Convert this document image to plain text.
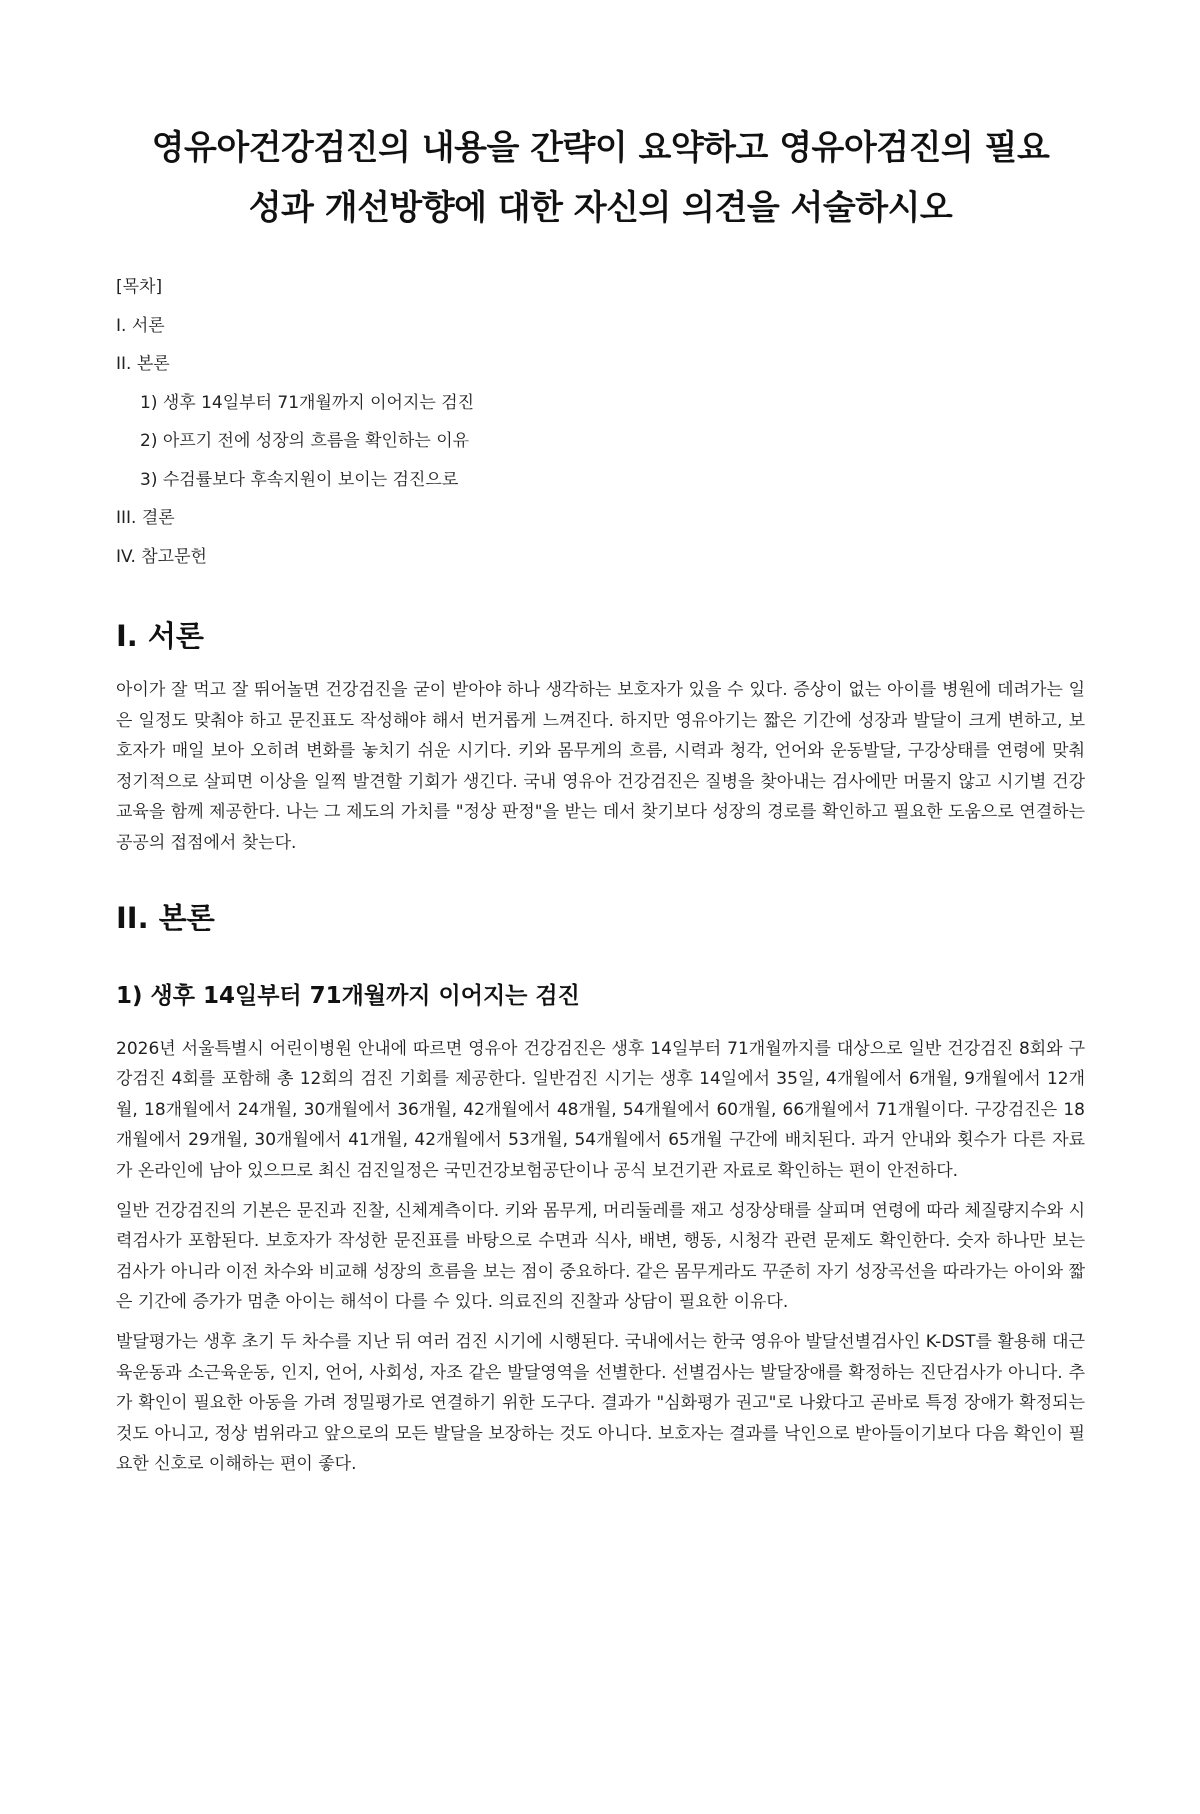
영유아건강검진의 내용을 간략이 요약하고 영유아검진의 필요
성과 개선방향에 대한 자신의 의견을 서술하시오
[목차]
I. 서론
II. 본론
1) 생후 14일부터 71개월까지 이어지는 검진
2) 아프기 전에 성장의 흐름을 확인하는 이유
3) 수검률보다 후속지원이 보이는 검진으로
III. 결론
IV. 참고문헌
I. 서론

아이가 잘 먹고 잘 뛰어놀면 건강검진을 굳이 받아야 하나 생각하는 보호자가 있을 수 있다. 증상이 없는 아이를 병원에 데려가는 일은 일정도 맞춰야 하고 문진표도 작성해야 해서 번거롭게 느껴진다. 하지만 영유아기는 짧은 기간에 성장과 발달이 크게 변하고, 보호자가 매일 보아 오히려 변화를 놓치기 쉬운 시기다. 키와 몸무게의 흐름, 시력과 청각, 언어와 운동발달, 구강상태를 연령에 맞춰 정기적으로 살피면 이상을 일찍 발견할 기회가 생긴다. 국내 영유아 건강검진은 질병을 찾아내는 검사에만 머물지 않고 시기별 건강교육을 함께 제공한다. 나는 그 제도의 가치를 "정상 판정"을 받는 데서 찾기보다 성장의 경로를 확인하고 필요한 도움으로 연결하는 공공의 접점에서 찾는다.

II. 본론
1) 생후 14일부터 71개월까지 이어지는 검진

2026년 서울특별시 어린이병원 안내에 따르면 영유아 건강검진은 생후 14일부터 71개월까지를 대상으로 일반 건강검진 8회와 구강검진 4회를 포함해 총 12회의 검진 기회를 제공한다. 일반검진 시기는 생후 14일에서 35일, 4개월에서 6개월, 9개월에서 12개월, 18개월에서 24개월, 30개월에서 36개월, 42개월에서 48개월, 54개월에서 60개월, 66개월에서 71개월이다. 구강검진은 18개월에서 29개월, 30개월에서 41개월, 42개월에서 53개월, 54개월에서 65개월 구간에 배치된다. 과거 안내와 횟수가 다른 자료가 온라인에 남아 있으므로 최신 검진일정은 국민건강보험공단이나 공식 보건기관 자료로 확인하는 편이 안전하다.

일반 건강검진의 기본은 문진과 진찰, 신체계측이다. 키와 몸무게, 머리둘레를 재고 성장상태를 살피며 연령에 따라 체질량지수와 시력검사가 포함된다. 보호자가 작성한 문진표를 바탕으로 수면과 식사, 배변, 행동, 시청각 관련 문제도 확인한다. 숫자 하나만 보는 검사가 아니라 이전 차수와 비교해 성장의 흐름을 보는 점이 중요하다. 같은 몸무게라도 꾸준히 자기 성장곡선을 따라가는 아이와 짧은 기간에 증가가 멈춘 아이는 해석이 다를 수 있다. 의료진의 진찰과 상담이 필요한 이유다.

발달평가는 생후 초기 두 차수를 지난 뒤 여러 검진 시기에 시행된다. 국내에서는 한국 영유아 발달선별검사인 K-DST를 활용해 대근육운동과 소근육운동, 인지, 언어, 사회성, 자조 같은 발달영역을 선별한다. 선별검사는 발달장애를 확정하는 진단검사가 아니다. 추가 확인이 필요한 아동을 가려 정밀평가로 연결하기 위한 도구다. 결과가 "심화평가 권고"로 나왔다고 곧바로 특정 장애가 확정되는 것도 아니고, 정상 범위라고 앞으로의 모든 발달을 보장하는 것도 아니다. 보호자는 결과를 낙인으로 받아들이기보다 다음 확인이 필요한 신호로 이해하는 편이 좋다.
